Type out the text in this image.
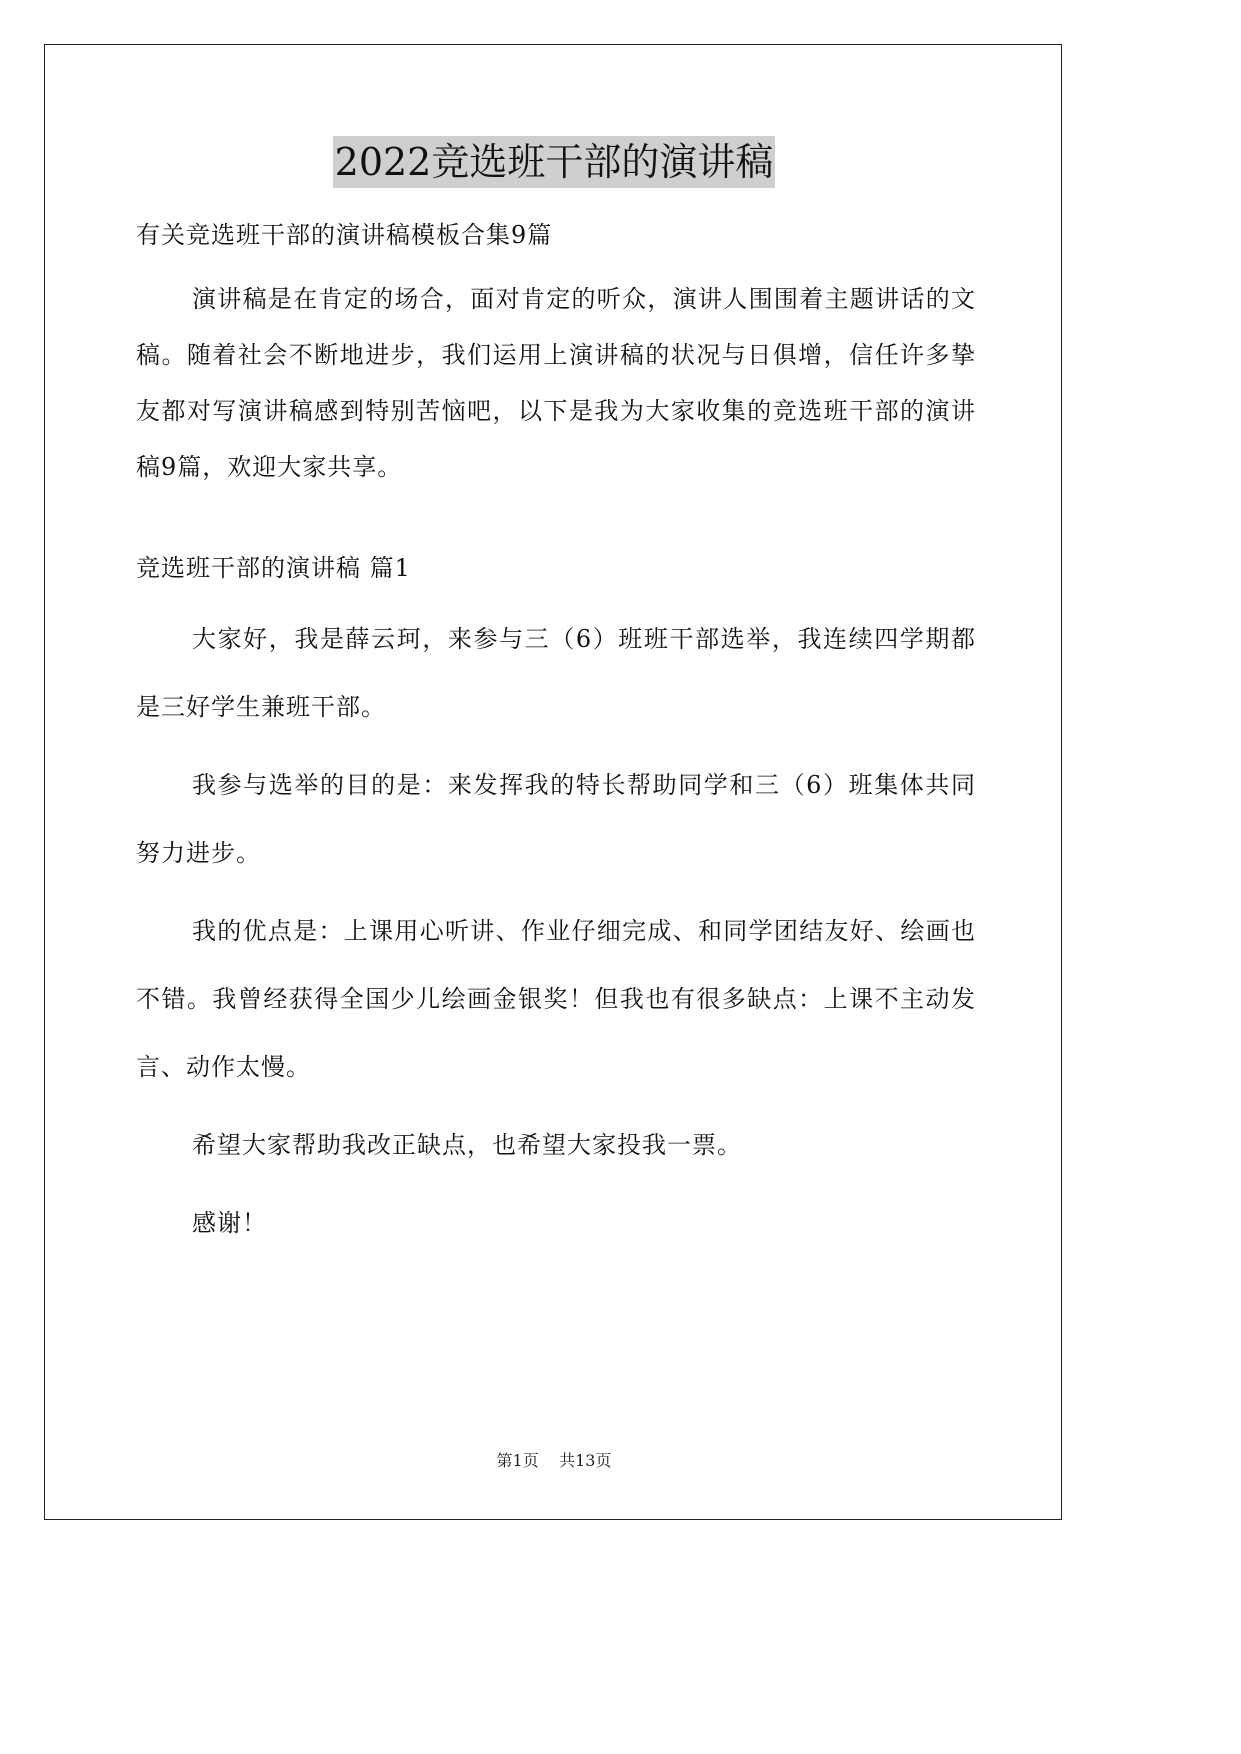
2022竞选班干部的演讲稿

有关竞选班干部的演讲稿模板合集9篇

演讲稿是在肯定的场合，面对肯定的听众，演讲人围围着主题讲话的文稿。随着社会不断地进步，我们运用上演讲稿的状况与日俱增，信任许多挚友都对写演讲稿感到特别苦恼吧，以下是我为大家收集的竞选班干部的演讲稿9篇，欢迎大家共享。

竞选班干部的演讲稿 篇1

大家好，我是薛云珂，来参与三（6）班班干部选举，我连续四学期都是三好学生兼班干部。

我参与选举的目的是：来发挥我的特长帮助同学和三（6）班集体共同努力进步。

我的优点是：上课用心听讲、作业仔细完成、和同学团结友好、绘画也不错。我曾经获得全国少儿绘画金银奖！但我也有很多缺点：上课不主动发言、动作太慢。

希望大家帮助我改正缺点，也希望大家投我一票。

感谢！

第1页 共13页
